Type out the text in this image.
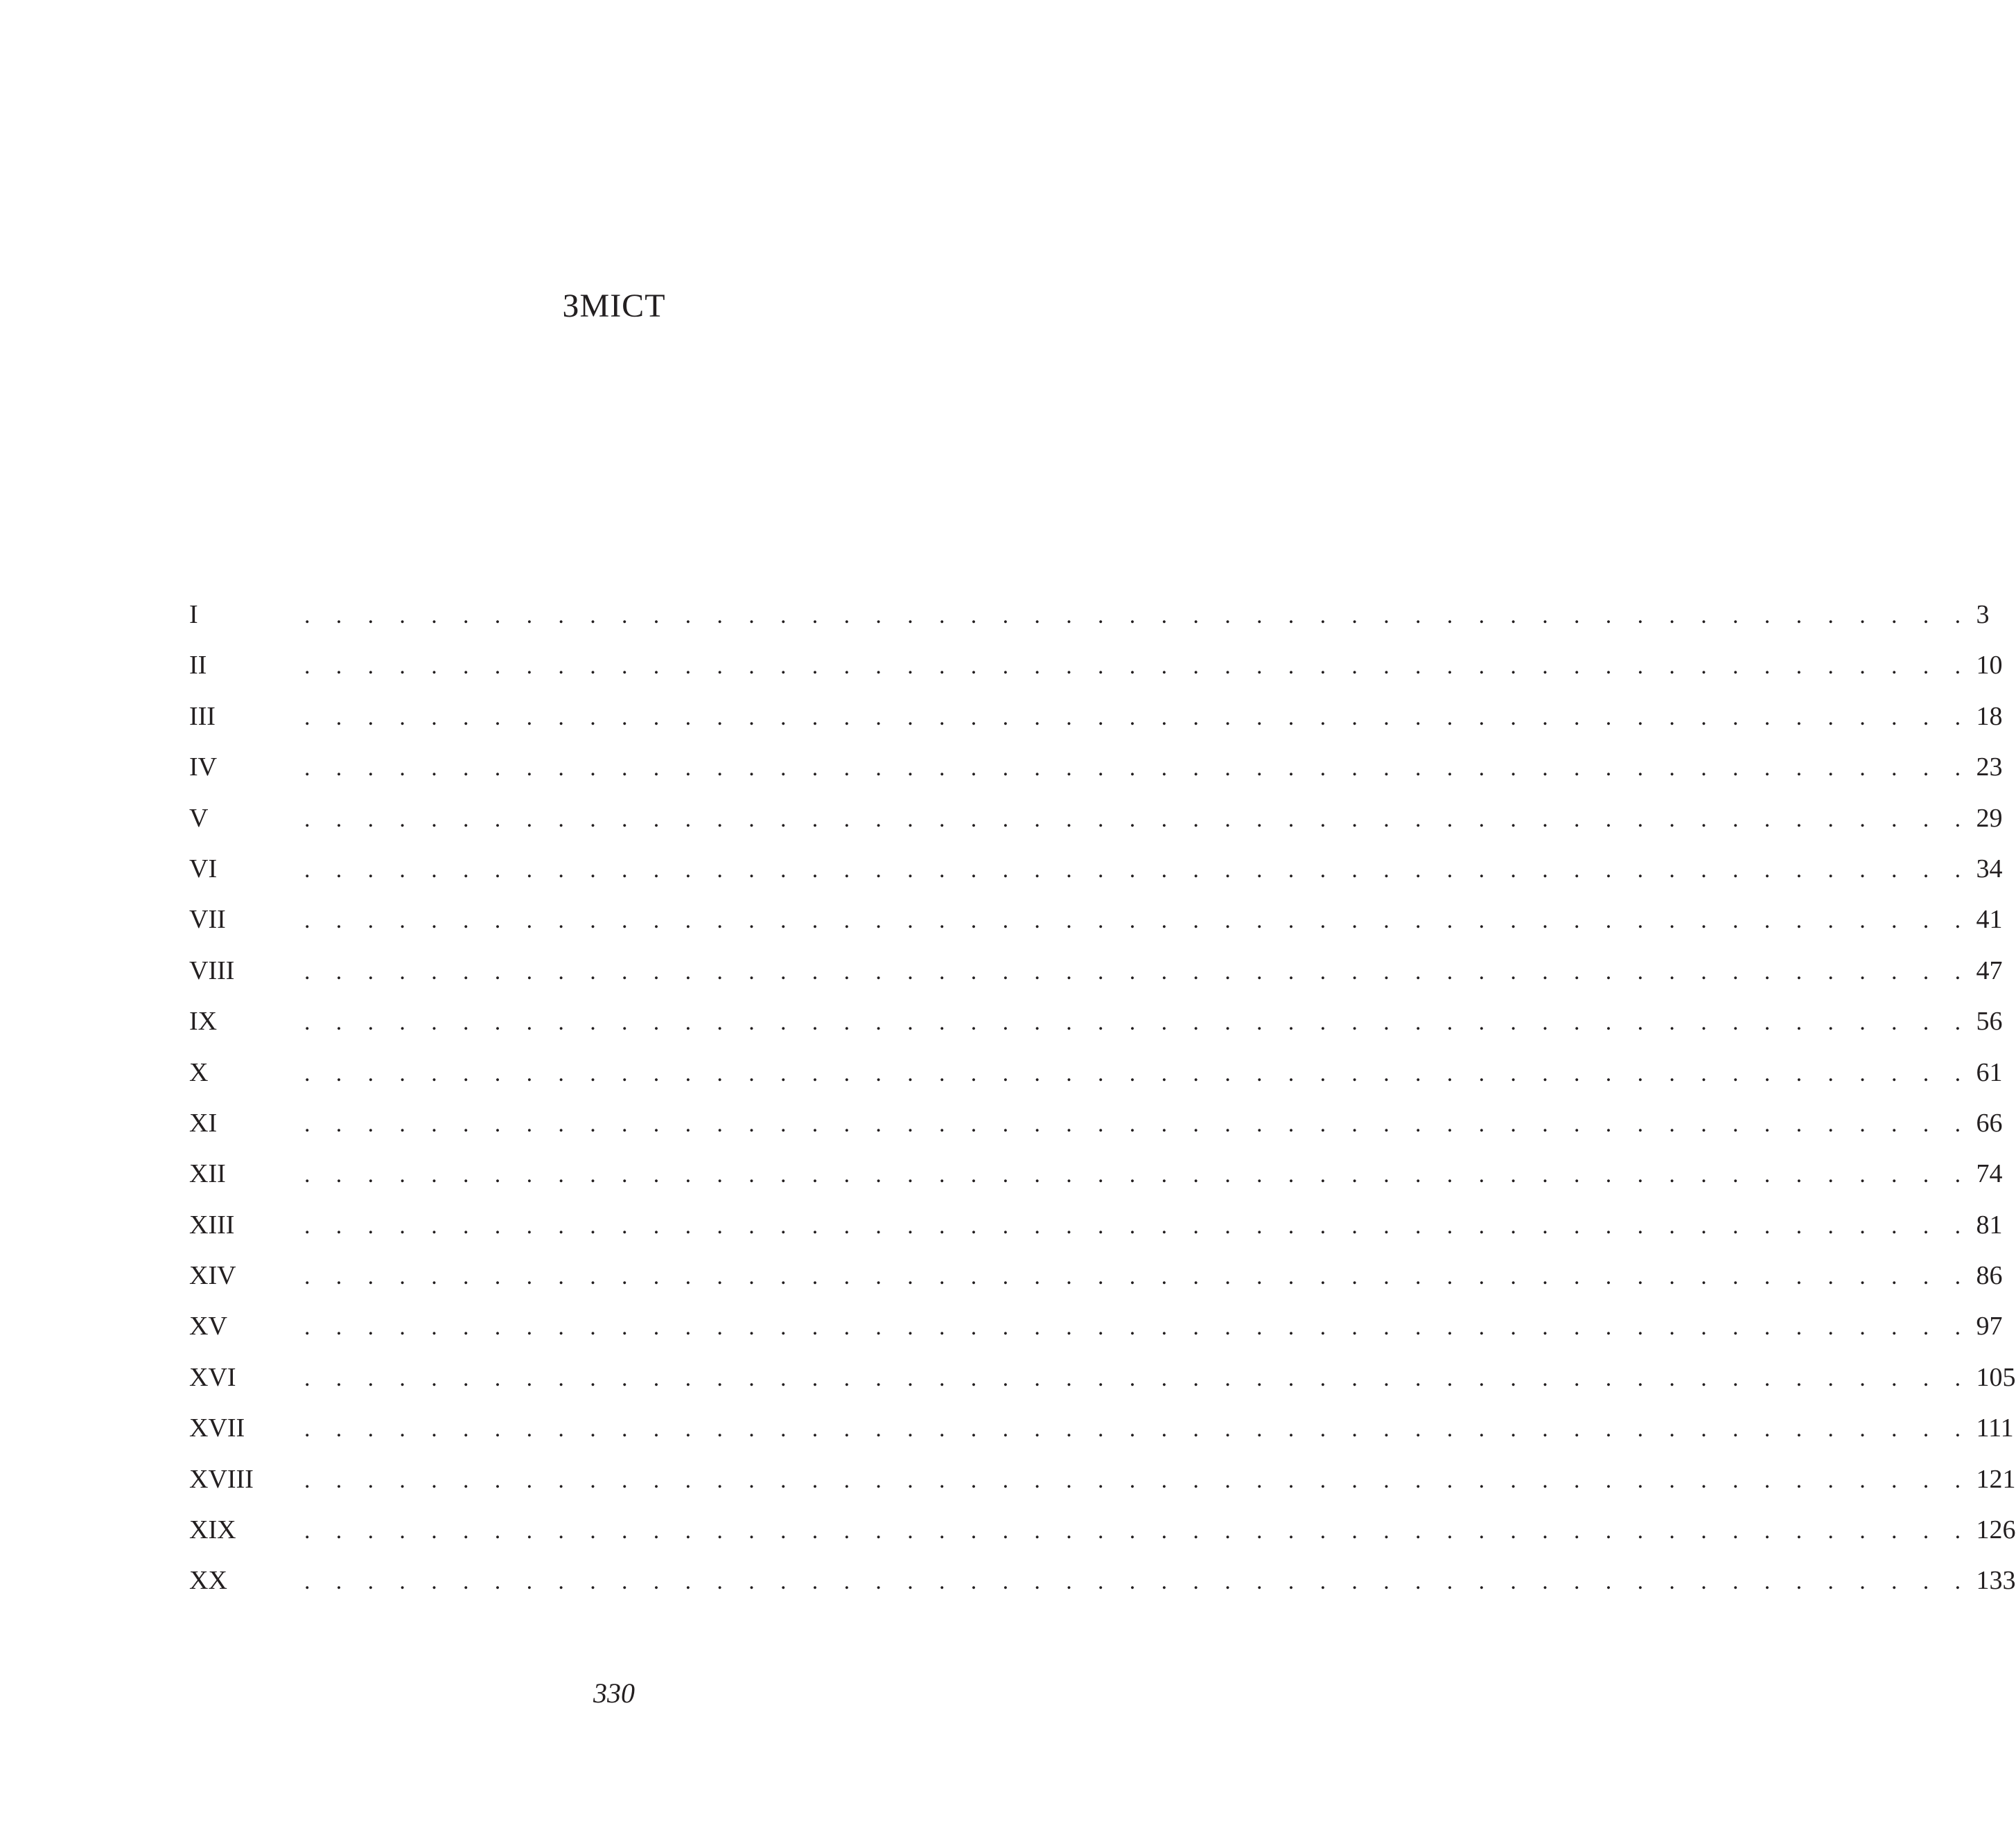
ЗМІСТ
I	. . . . . . . . . . . . . . . . . . . . . . . . . . . . . . . . . . . . . . . . . . . . . . . . . . . . . 3
II	. . . . . . . . . . . . . . . . . . . . . . . . . . . . . . . . . . . . . . . . . . . . . . . . . . . . . 10
III	. . . . . . . . . . . . . . . . . . . . . . . . . . . . . . . . . . . . . . . . . . . . . . . . . . . . . 18
IV	. . . . . . . . . . . . . . . . . . . . . . . . . . . . . . . . . . . . . . . . . . . . . . . . . . . . . 23
V	. . . . . . . . . . . . . . . . . . . . . . . . . . . . . . . . . . . . . . . . . . . . . . . . . . . . . 29
VI	. . . . . . . . . . . . . . . . . . . . . . . . . . . . . . . . . . . . . . . . . . . . . . . . . . . . . 34
VII	. . . . . . . . . . . . . . . . . . . . . . . . . . . . . . . . . . . . . . . . . . . . . . . . . . . . . 41
VIII	. . . . . . . . . . . . . . . . . . . . . . . . . . . . . . . . . . . . . . . . . . . . . . . . . . . . . 47
IX	. . . . . . . . . . . . . . . . . . . . . . . . . . . . . . . . . . . . . . . . . . . . . . . . . . . . . 56
X	. . . . . . . . . . . . . . . . . . . . . . . . . . . . . . . . . . . . . . . . . . . . . . . . . . . . . 61
XI	. . . . . . . . . . . . . . . . . . . . . . . . . . . . . . . . . . . . . . . . . . . . . . . . . . . . . 66
XII	. . . . . . . . . . . . . . . . . . . . . . . . . . . . . . . . . . . . . . . . . . . . . . . . . . . . . 74
XIII	. . . . . . . . . . . . . . . . . . . . . . . . . . . . . . . . . . . . . . . . . . . . . . . . . . . . . 81
XIV	. . . . . . . . . . . . . . . . . . . . . . . . . . . . . . . . . . . . . . . . . . . . . . . . . . . . . 86
XV	. . . . . . . . . . . . . . . . . . . . . . . . . . . . . . . . . . . . . . . . . . . . . . . . . . . . . 97
XVI	. . . . . . . . . . . . . . . . . . . . . . . . . . . . . . . . . . . . . . . . . . . . . . . . . . . . . 105
XVII	. . . . . . . . . . . . . . . . . . . . . . . . . . . . . . . . . . . . . . . . . . . . . . . . . . . . . 111
XVIII	. . . . . . . . . . . . . . . . . . . . . . . . . . . . . . . . . . . . . . . . . . . . . . . . . . . . . 121
XIX	. . . . . . . . . . . . . . . . . . . . . . . . . . . . . . . . . . . . . . . . . . . . . . . . . . . . . 126
XX	. . . . . . . . . . . . . . . . . . . . . . . . . . . . . . . . . . . . . . . . . . . . . . . . . . . . . 133
330
